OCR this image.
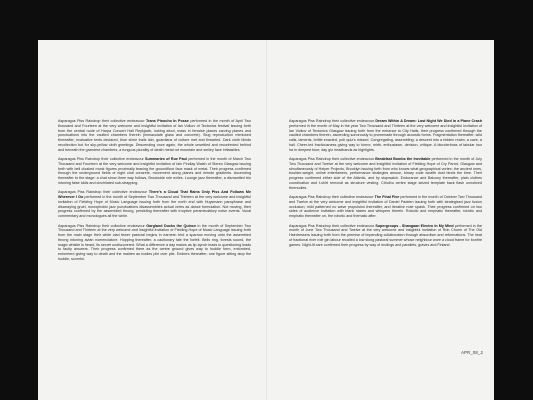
Asparagus Piss Raindrop their collective endeavour Trans Pinocho In Posse performed in the month of April Two thousand and Fourteen at the very welcome and insightful invitation of Ian Volkov of Tectonics festival issuing forth from the central node of Harpa Concert Hall Reykjavik, lurking afoot, mass in fenwise places carving planes and punctuations into the vaulted chambers therein (immaculate glass and concrete). Slug reproduction mimicked thereafter, evaluative texts declared, blue slime trails lain, guardians of culture met and thwarted. Dark cloth blinds recollection but for sky-yellow cloth greetings. Descending once again, the whole unsettled and reconfected behind and beneath the grandest chambers, a fungous plurality of death metal rot mountain and smiley face inflatables.

Asparagus Piss Raindrop their collective endeavour Summaries of Rue Paul performed in the month of March Two Thousand and Fourteen at the very welcome and insightful invitation of Iain Findlay Walsh of Stereo Glasgow issuing forth with bell cloaked monk figures proximally teasing the groundfloor faux mask of metal. Their progress confirmed through the underground fields of night club concrete, movement along planes and minute gradients. Ascending thereafter to the stage: a chat show three way follows, Brookside role exiles. Lounge jazz thereafter, a dismantled trio intoning false idols and cinchilated sub-strapping.

Asparagus Piss Raindrop their collective endeavour There's a Cloud That Rains Only Piss And Follows Me Wherever I Go performed in the month of September Two Thousand and Thirteen at the very welcome and insightful invitation of Fielding Hope of Music Language issuing forth from the north end with Huysmann paraphrase and disarraying gruel, monophobic jazz punctuations disassemblies actual verbs as dance formulation. Not moving, their progress confirmed by the assembled throng, persisting thereafter with irruptive perambulatory noise events. Vocal commentary and monologues all the while.

Asparagus Piss Raindrop their collective endeavour Gargland Ducks the Quince in the month of September Two Thousand and Thirteen at the very welcome and insightful invitation of Fielding Hope of Music Language issuing forth from the main stage their white clad fewer pastoral begins in earnest: bird a sparrow moving unto the assembled throng intoning avian nomenclature. Hopping thereafter, a cautionary tale the forfeit. Bells ring, forests sound, the magic whistle is heard, its secret undiscovered. What a difference a day makes as lip-synch leads to questioning leads to faulty answers. Their progress confirmed there as the centre ground gives way to huddle form, entombed, entombed giving way to death and the maiden as bodies pile over pile. Embers thereafter; one figure sitting atop the huddle, scornful.

Asparagus Piss Raindrop their collective endeavour Dream Within A Dream: Last Night We Died in a Plane Crash performed in the month of May in the year Two Thousand and Thirteen at the very welcome and insightful invitation of Ian Volkov of Tectonics Glasgow issuing forth from the entrance to City Halls, their progress confirmed through the vaulted chambers therein, ascending sonorously to promenade through acoustic forms. Fragmentation thereafter: wild calls, laments, brittle enacted, pub quiz's missed. Congregating, assembling: a descent into a hidden realm, a cave, a hall. Cheer-led fractiousness giving way to horror, mirth, enthusiasm, derision, critique. A blunderbuss of tabular hoo ha in deepest blue; day glo headbands as highlights.

Asparagus Piss Raindrop their collective endeavour Breakfast Bombs the Inevitable performed in the month of July Two Thousand and Twelve at the very welcome and insightful invitation of Fielding Hope of Cry Parrot, Glasgow and simultaneously of Helper Projects, Brooklyn issuing forth from who knows what geographical vortex; the ancient ones, boulder-weight, online entertainers, performance strategies amuse, binary code wealth dust binds the time. Their progress confirmed either side of the Atlantic, and by stopwatch. Endurance and Balcony thereafter, plain clothes coordination and t-shirt removal as structure vesting. Cthulhu centre stage seized template back flash unnoticed threnodies.

Asparagus Piss Raindrop their collective endeavour The Final Five performed in the month of October Two Thousand and Twelve at the very welcome and insightful invitation of Daniel Padden issuing forth with strategised jazz fusion occlusion; mild patterned no wave propulsion thereafter, and iterative note spank. Their progress confirmed on two sides of audience invitation with blank stares and whispers therein. Robotic and emphatic thereafter, robotic and emphatic thereafter on, the robotic and thematic after.

Asparagus Piss Raindrop their collective endeavour Supergroups - Shangaan Electro In My Mind performed in the month of June Two Thousand and Twelve at the very welcome and insightful invitation of Rob Churm of The Old Hairdressers issuing forth from the premise of impending collaboration through absurdism and reformations. The heat of fractional river role gin labour recalled a low slung pastoral summer whose neighbour wore a cloud frame for bonfire games. Night-lit care confirmed their progress by way of endings and parallels, graves and Finland.

APR_08_2
